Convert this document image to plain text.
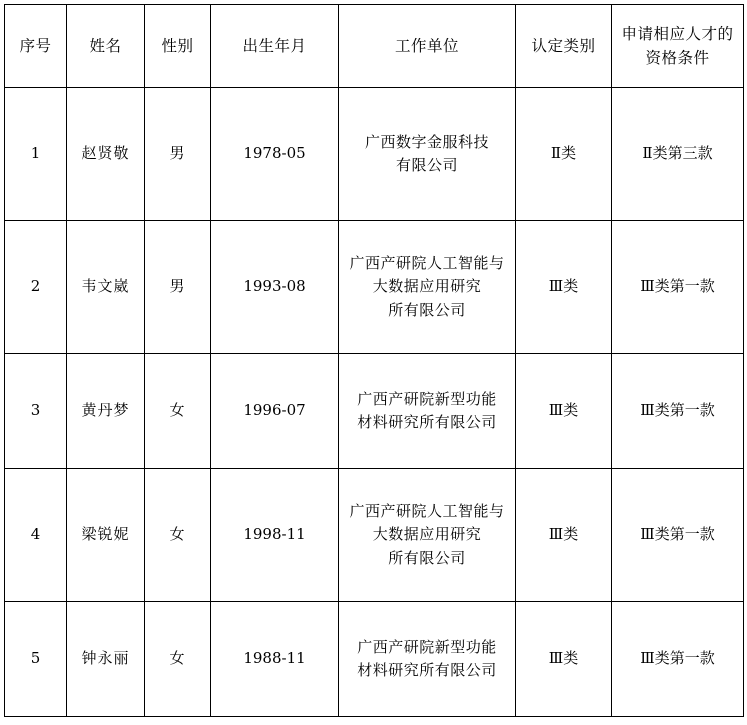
序号	姓名	性别	出生年月	工作单位	认定类别	申请相应人才的资格条件
1	赵贤敬	男	1978-05	广西数字金服科技
有限公司	Ⅱ类	Ⅱ类第三款
2	韦文崴	男	1993-08	广西产研院人工智能与
大数据应用研究
所有限公司	Ⅲ类	Ⅲ类第一款
3	黄丹梦	女	1996-07	广西产研院新型功能
材料研究所有限公司	Ⅲ类	Ⅲ类第一款
4	梁锐妮	女	1998-11	广西产研院人工智能与
大数据应用研究
所有限公司	Ⅲ类	Ⅲ类第一款
5	钟永丽	女	1988-11	广西产研院新型功能
材料研究所有限公司	Ⅲ类	Ⅲ类第一款
